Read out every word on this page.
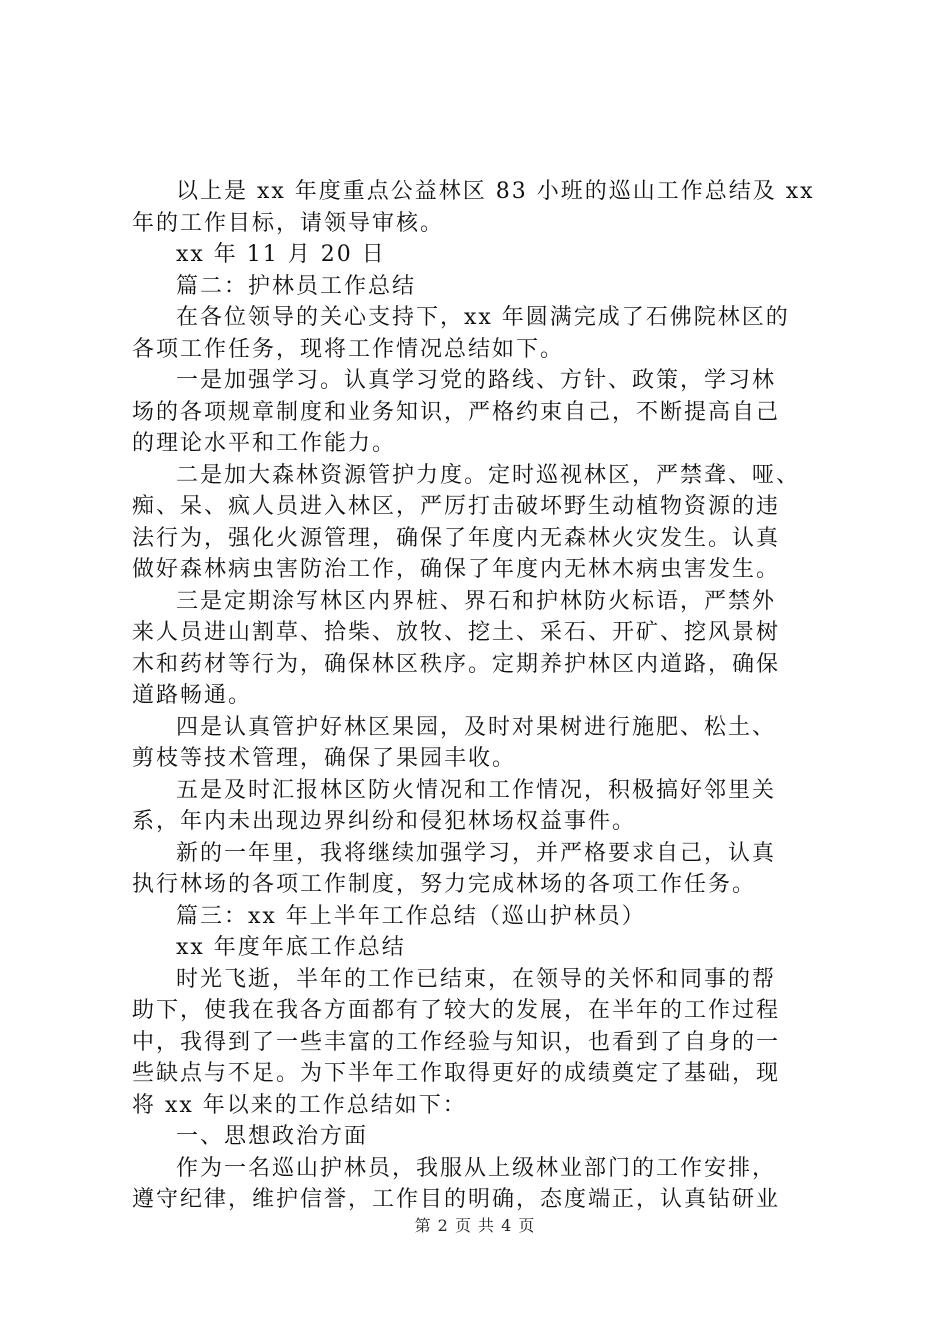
以上是 xx 年度重点公益林区 83 小班的巡山工作总结及 xx
年的工作目标，请领导审核。
xx 年 11 月 20 日
篇二：护林员工作总结
在各位领导的关心支持下，xx 年圆满完成了石佛院林区的
各项工作任务，现将工作情况总结如下。
一是加强学习。认真学习党的路线、方针、政策，学习林
场的各项规章制度和业务知识，严格约束自己，不断提高自己
的理论水平和工作能力。
二是加大森林资源管护力度。定时巡视林区，严禁聋、哑、
痴、呆、疯人员进入林区，严厉打击破坏野生动植物资源的违
法行为，强化火源管理，确保了年度内无森林火灾发生。认真
做好森林病虫害防治工作，确保了年度内无林木病虫害发生。
三是定期涂写林区内界桩、界石和护林防火标语，严禁外
来人员进山割草、拾柴、放牧、挖土、采石、开矿、挖风景树
木和药材等行为，确保林区秩序。定期养护林区内道路，确保
道路畅通。
四是认真管护好林区果园，及时对果树进行施肥、松土、
剪枝等技术管理，确保了果园丰收。
五是及时汇报林区防火情况和工作情况，积极搞好邻里关
系，年内未出现边界纠纷和侵犯林场权益事件。
新的一年里，我将继续加强学习，并严格要求自己，认真
执行林场的各项工作制度，努力完成林场的各项工作任务。
篇三：xx 年上半年工作总结（巡山护林员）
xx 年度年底工作总结
时光飞逝，半年的工作已结束，在领导的关怀和同事的帮
助下，使我在我各方面都有了较大的发展，在半年的工作过程
中，我得到了一些丰富的工作经验与知识，也看到了自身的一
些缺点与不足。为下半年工作取得更好的成绩奠定了基础，现
将 xx 年以来的工作总结如下：
一、思想政治方面
作为一名巡山护林员，我服从上级林业部门的工作安排，
遵守纪律，维护信誉，工作目的明确，态度端正，认真钻研业
第 2 页 共 4 页
